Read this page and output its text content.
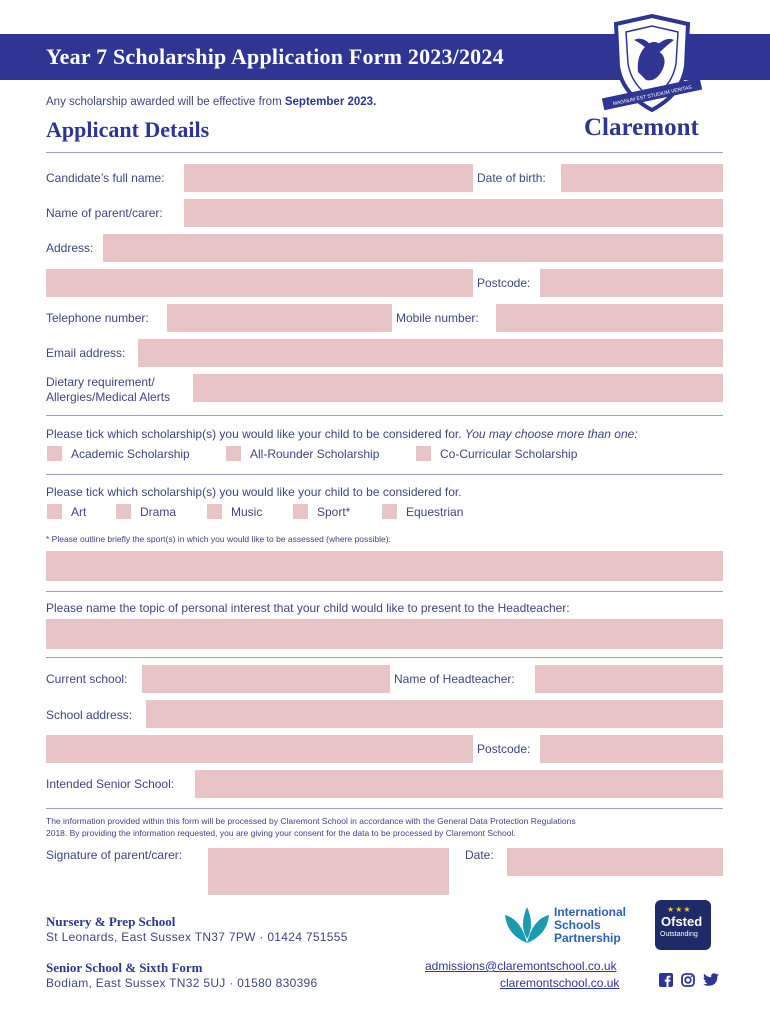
Year 7 Scholarship Application Form 2023/2024
MAGNUM EST STUDIUM VERITAS
Any scholarship awarded will be effective from September 2023.
Applicant Details	Claremont
Candidate’s full name:	Date of birth:
Name of parent/carer:
Address:
Postcode:
Telephone number:	Mobile number:
Email address:
Dietary requirement/
Allergies/Medical Alerts
Please tick which scholarship(s) you would like your child to be considered for. You may choose more than one:
Academic Scholarship	All-Rounder Scholarship	Co-Curricular Scholarship
Please tick which scholarship(s) you would like your child to be considered for.
Art	Drama	Music	Sport*	Equestrian
* Please outline briefly the sport(s) in which you would like to be assessed (where possible):
Please name the topic of personal interest that your child would like to present to the Headteacher:
Current school:	Name of Headteacher:
School address:
Postcode:
Intended Senior School:
The information provided within this form will be processed by Claremont School in accordance with the General Data Protection Regulations
2018. By providing the information requested, you are giving your consent for the data to be processed by Claremont School.
Signature of parent/carer:	Date:
Nursery & Prep School
St Leonards, East Sussex TN37 7PW · 01424 751555
Senior School & Sixth Form
Bodiam, East Sussex TN32 5UJ · 01580 830396
International
Schools
Partnership
★★★
Ofsted
Outstanding
admissions@claremontschool.co.uk
claremontschool.co.uk
